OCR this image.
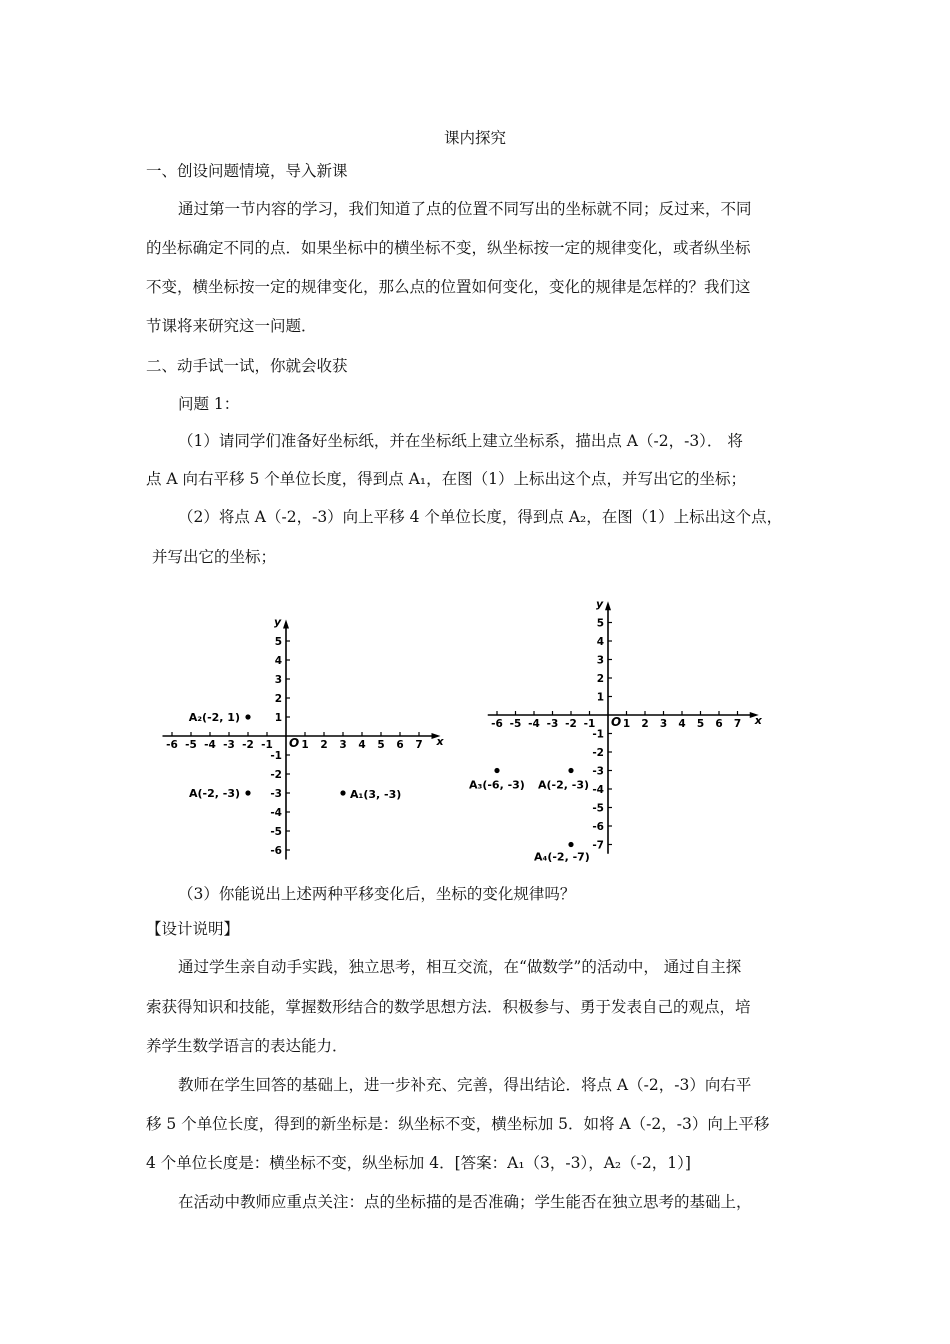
课内探究
一、创设问题情境，导入新课
通过第一节内容的学习，我们知道了点的位置不同写出的坐标就不同；反过来，不同
的坐标确定不同的点．如果坐标中的横坐标不变，纵坐标按一定的规律变化，或者纵坐标
不变，横坐标按一定的规律变化，那么点的位置如何变化，变化的规律是怎样的？我们这
节课将来研究这一问题．
二、动手试一试，你就会收获
问题 1：
（1）请同学们准备好坐标纸，并在坐标纸上建立坐标系，描出点 A（-2，-3）． 将
点 A 向右平移 5 个单位长度，得到点 A₁，在图（1）上标出这个点，并写出它的坐标；
（2）将点 A（-2，-3）向上平移 4 个单位长度，得到点 A₂，在图（1）上标出这个点，
并写出它的坐标；
x
y
O
-6 -5 -4 -3 -2 -1	1 2 3 4 5 6 7
5
4
3
2
1
-1
-2
-3
-4
-5
-6
A₂(-2, 1)
A(-2, -3)	A₁(3, -3)
x
y
O
-6 -5 -4 -3 -2 -1	1 2 3 4 5 6 7
5
4
3
2
1
-1
-2
-3
-4
-5
-6
-7
A₃(-6, -3) A(-2, -3)
A₄(-2, -7)
（3）你能说出上述两种平移变化后，坐标的变化规律吗？
【设计说明】
通过学生亲自动手实践，独立思考，相互交流，在“做数学”的活动中， 通过自主探
索获得知识和技能，掌握数形结合的数学思想方法．积极参与、勇于发表自己的观点，培
养学生数学语言的表达能力．
教师在学生回答的基础上，进一步补充、完善，得出结论．将点 A（-2，-3）向右平
移 5 个单位长度，得到的新坐标是：纵坐标不变，横坐标加 5．如将 A（-2，-3）向上平移
4 个单位长度是：横坐标不变，纵坐标加 4．[答案：A₁（3，-3），A₂（-2，1）]
在活动中教师应重点关注：点的坐标描的是否准确；学生能否在独立思考的基础上，
